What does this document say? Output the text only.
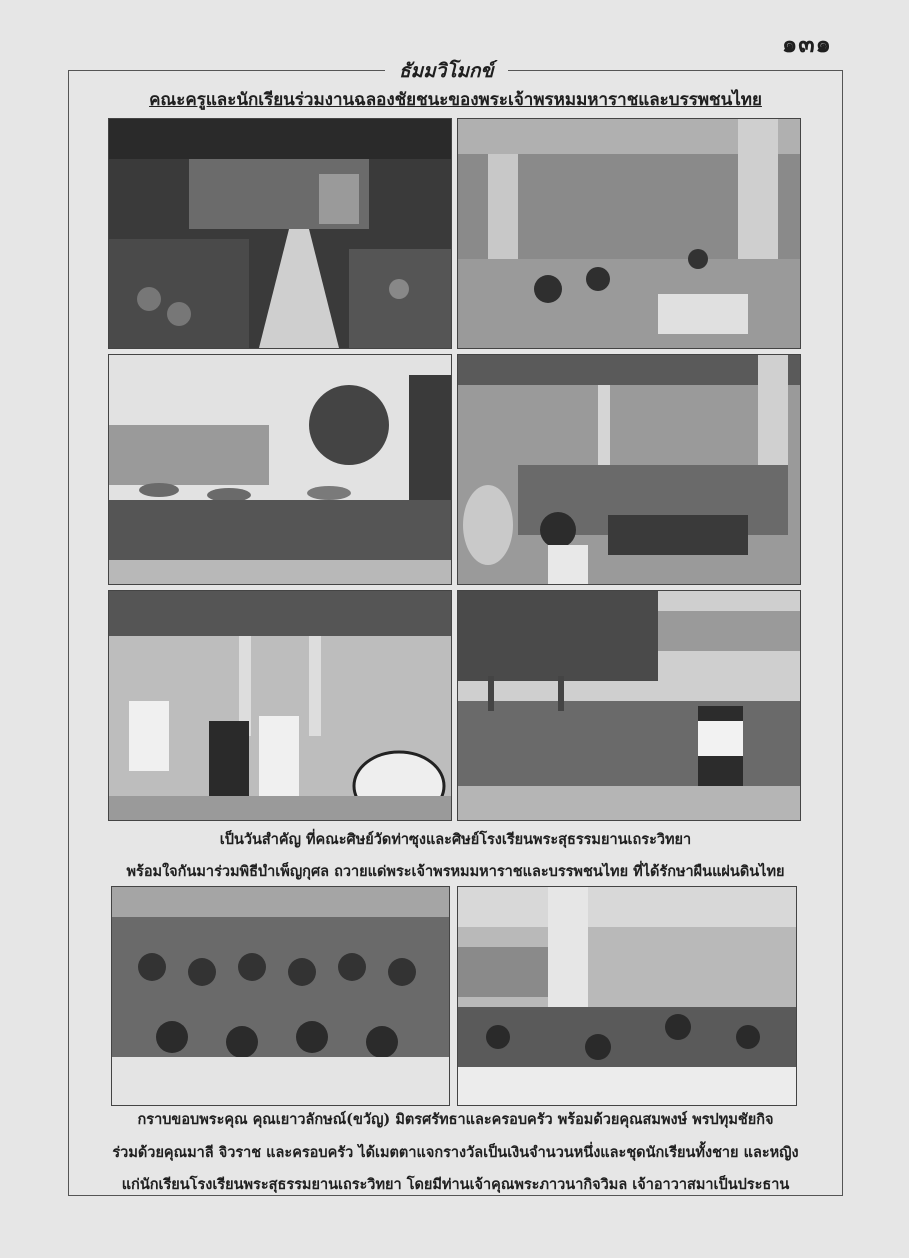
๑๓๑
ธัมมวิโมกข์
คณะครูและนักเรียนร่วมงานฉลองชัยชนะของพระเจ้าพรหมมหาราชและบรรพชนไทย
เป็นวันสำคัญ ที่คณะศิษย์วัดท่าซุงและศิษย์โรงเรียนพระสุธรรมยานเถระวิทยา
พร้อมใจกันมาร่วมพิธีบำเพ็ญกุศล ถวายแด่พระเจ้าพรหมมหาราชและบรรพชนไทย ที่ได้รักษาผืนแผ่นดินไทย
กราบขอบพระคุณ คุณเยาวลักษณ์(ขวัญ) มิตรศรัทธาและครอบครัว พร้อมด้วยคุณสมพงษ์ พรปทุมชัยกิจ
ร่วมด้วยคุณมาลี จิวราช และครอบครัว ได้เมตตาแจกรางวัลเป็นเงินจำนวนหนึ่งและชุดนักเรียนทั้งชาย และหญิง
แก่นักเรียนโรงเรียนพระสุธรรมยานเถระวิทยา โดยมีท่านเจ้าคุณพระภาวนากิจวิมล เจ้าอาวาสมาเป็นประธาน
